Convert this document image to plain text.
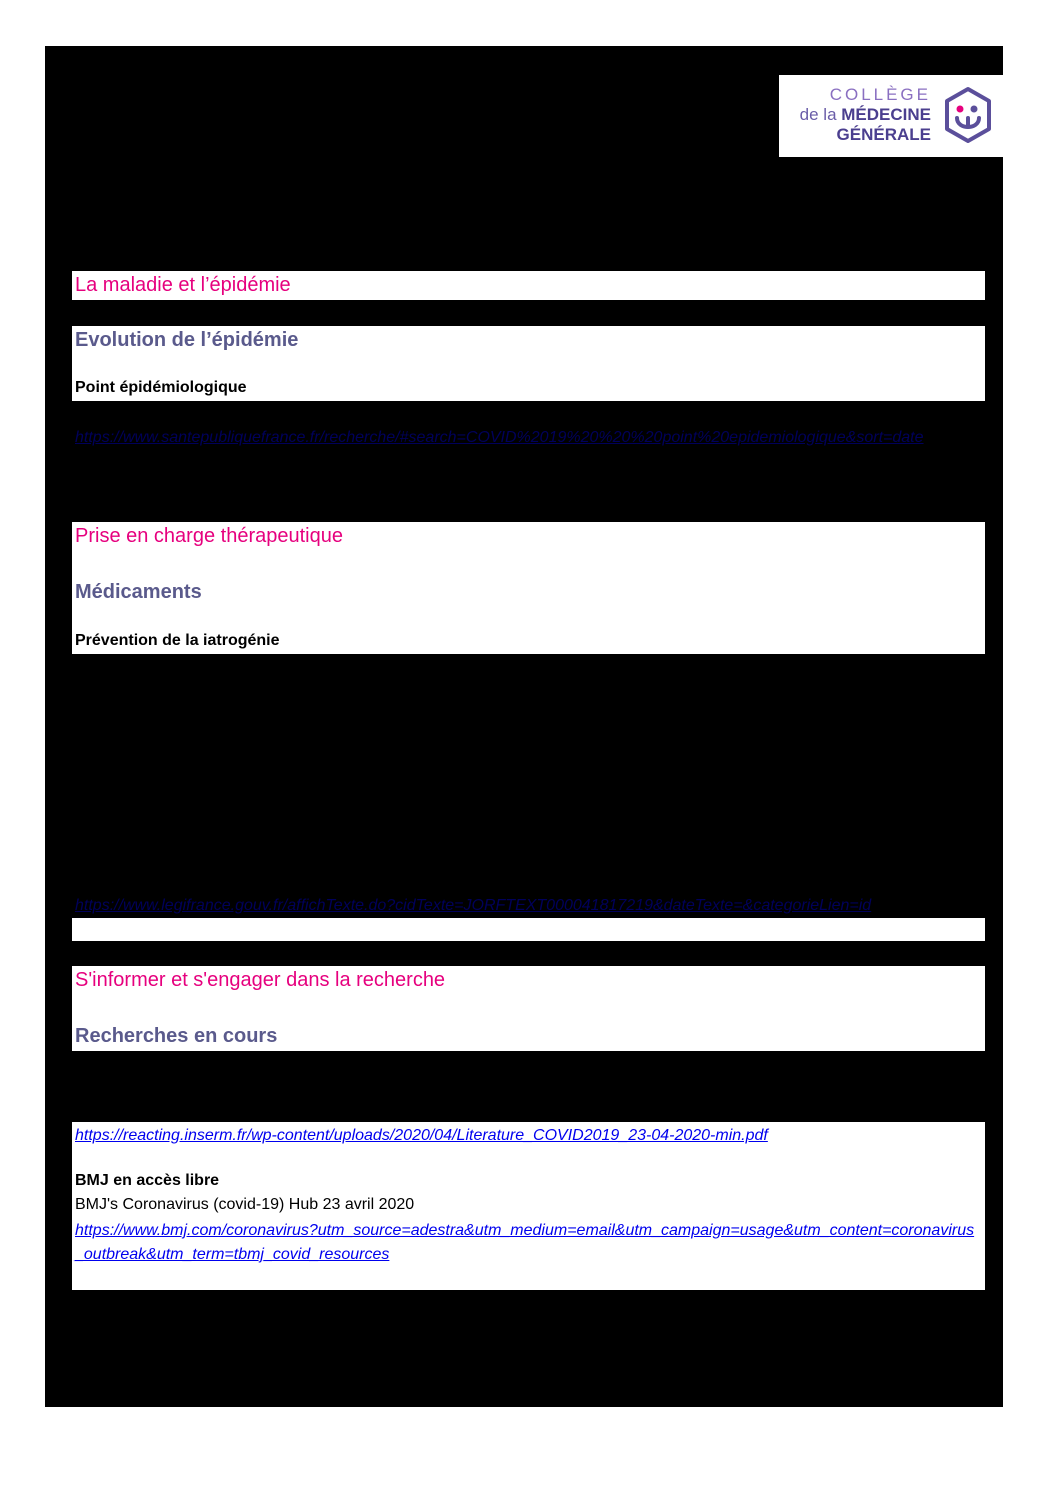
COLLÈGE
de la MÉDECINE
GÉNÉRALE
La maladie et l’épidémie
Evolution de l’épidémie
Point épidémiologique
https://www.santepubliquefrance.fr/recherche/#search=COVID%2019%20%20%20point%20epidemiologique&sort=date
Prise en charge thérapeutique
Médicaments
Prévention de la iatrogénie
https://www.legifrance.gouv.fr/affichTexte.do?cidTexte=JORFTEXT000041817219&dateTexte=&categorieLien=id
S'informer et s'engager dans la recherche
Recherches en cours
https://reacting.inserm.fr/wp-content/uploads/2020/04/Literature_COVID2019_23-04-2020-min.pdf
BMJ en accès libre
BMJ's Coronavirus (covid-19) Hub 23 avril 2020
https://www.bmj.com/coronavirus?utm_source=adestra&utm_medium=email&utm_campaign=usage&utm_content=coronavirus_outbreak&utm_term=tbmj_covid_resources
